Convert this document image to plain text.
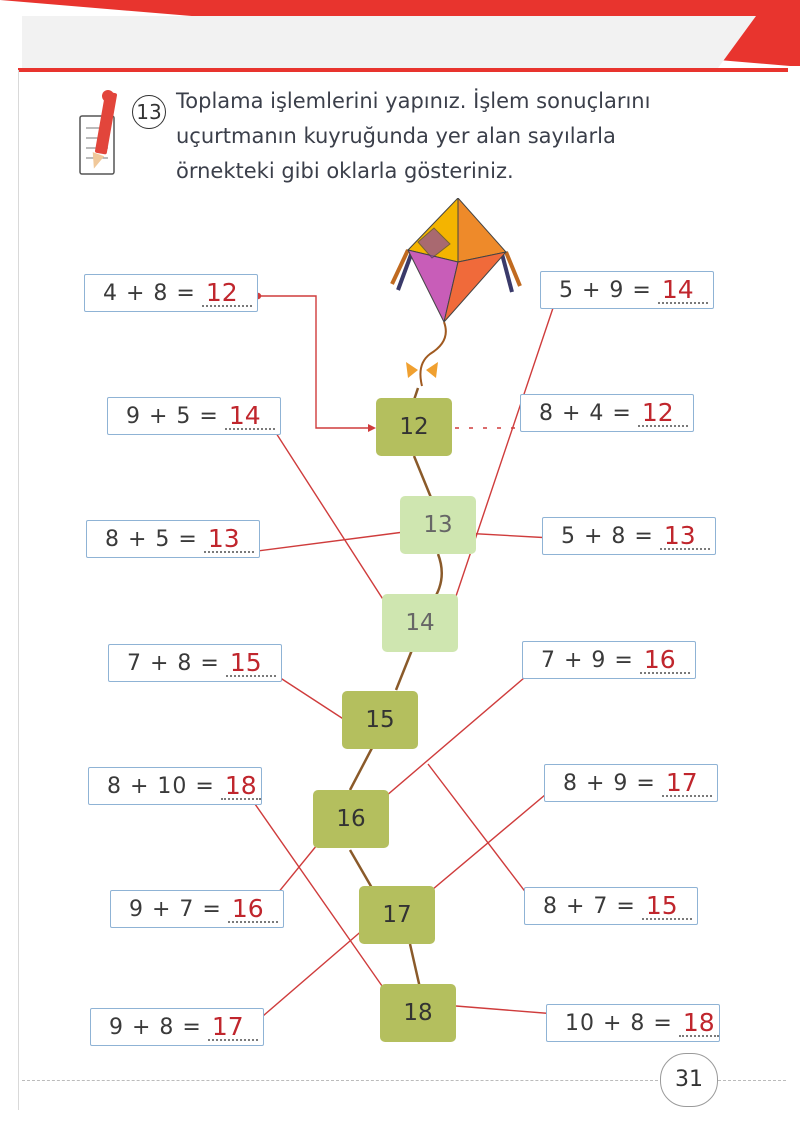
13 Toplama işlemlerini yapınız. İşlem sonuçlarını
uçurtmanın kuyruğunda yer alan sayılarla
örnekteki gibi oklarla gösteriniz.
4 + 8 = 12
9 + 5 = 14
8 + 5 = 13
7 + 8 = 15
8 + 10 = 18
9 + 7 = 16
9 + 8 = 17
5 + 9 = 14
8 + 4 = 12
5 + 8 = 13
7 + 9 = 16
8 + 9 = 17
8 + 7 = 15
10 + 8 = 18
12
13
14
15
16
17
18
31
